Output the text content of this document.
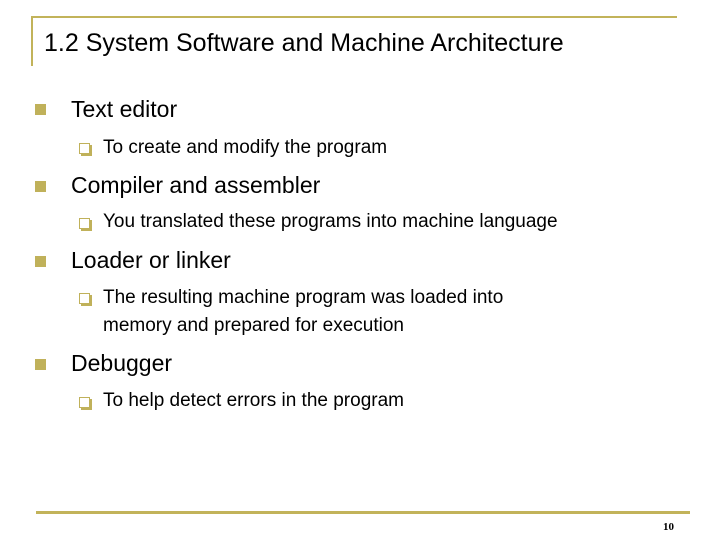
1.2 System Software and Machine Architecture
Text editor
To create and modify the program
Compiler and assembler
You translated these programs into machine language
Loader or linker
The resulting machine program was loaded into
memory and prepared for execution
Debugger
To help detect errors in the program
10
